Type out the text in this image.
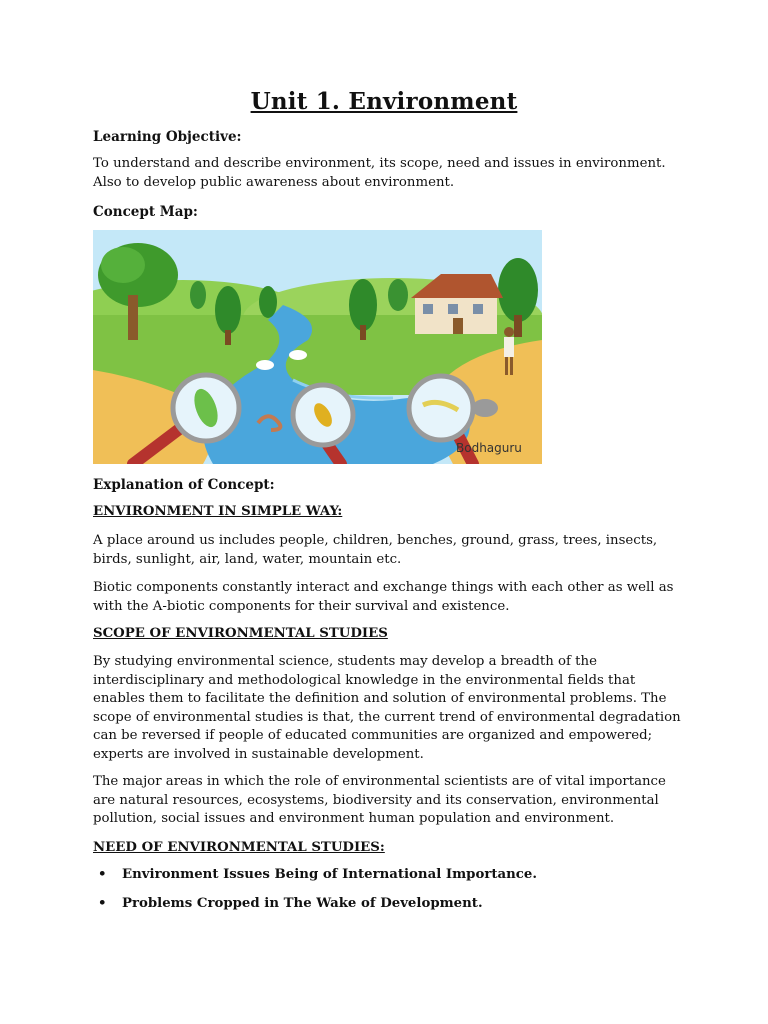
Unit 1. Environment
Learning Objective:
To understand and describe environment, its scope, need and issues in environment. Also to develop public awareness about environment.
Concept Map:
Bodhaguru
Explanation of Concept:
ENVIRONMENT IN SIMPLE WAY:
A place around us includes people, children, benches, ground, grass, trees, insects, birds, sunlight, air, land, water, mountain etc.
Biotic components constantly interact and exchange things with each other as well as with the A-biotic components for their survival and existence.
SCOPE OF ENVIRONMENTAL STUDIES
By studying environmental science, students may develop a breadth of the interdisciplinary and methodological knowledge in the environmental fields that enables them to facilitate the definition and solution of environmental problems. The scope of environmental studies is that, the current trend of environmental degradation can be reversed if people of educated communities are organized and empowered; experts are involved in sustainable development.
The major areas in which the role of environmental scientists are of vital importance are natural resources, ecosystems, biodiversity and its conservation, environmental pollution, social issues and environment human population and environment.
NEED OF ENVIRONMENTAL STUDIES:
• Environment Issues Being of International Importance.
• Problems Cropped in The Wake of Development.
